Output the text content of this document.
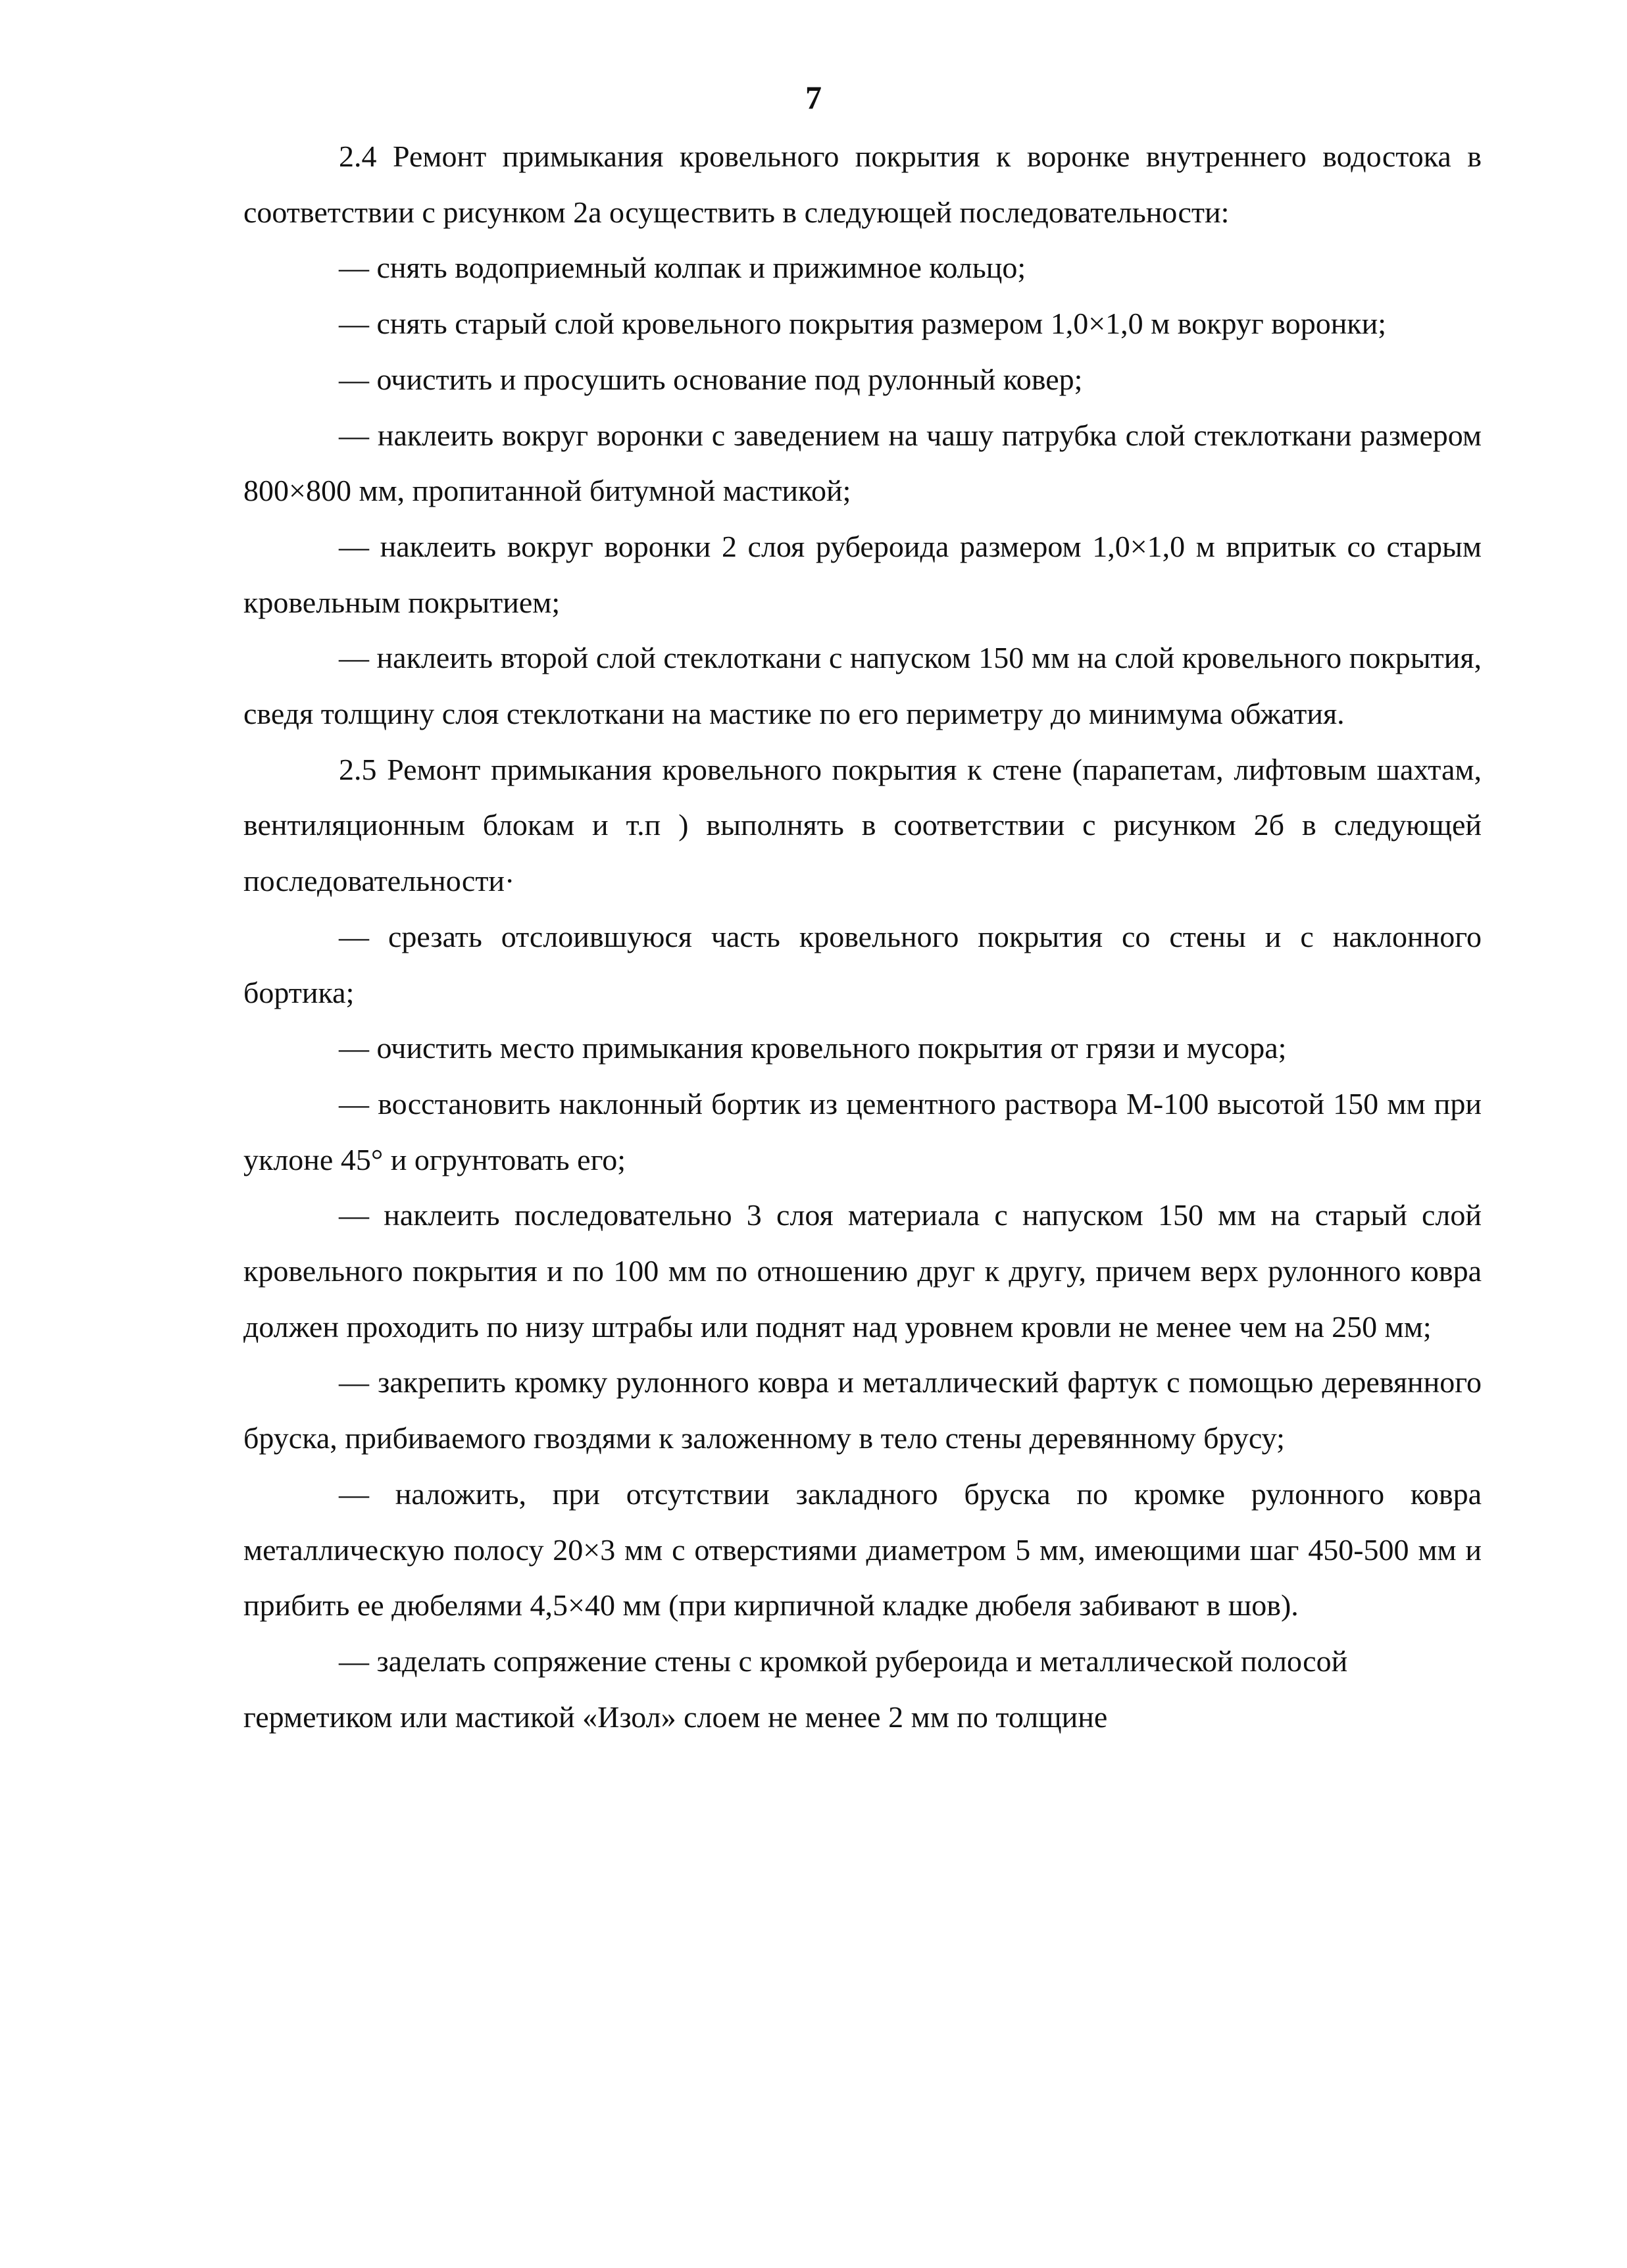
7

2.4 Ремонт примыкания кровельного покрытия к воронке внутреннего водостока в соответствии с рисунком 2а осуществить в следующей последовательности:

— снять водоприемный колпак и прижимное кольцо;

— снять старый слой кровельного покрытия размером 1,0×1,0 м вокруг воронки;

— очистить и просушить основание под рулонный ковер;

— наклеить вокруг воронки с заведением на чашу патрубка слой стеклоткани размером 800×800 мм, пропитанной битумной мастикой;

— наклеить вокруг воронки 2 слоя рубероида размером 1,0×1,0 м впритык со старым кровельным покрытием;

— наклеить второй слой стеклоткани с напуском 150 мм на слой кровельного покрытия, сведя толщину слоя стеклоткани на мастике по его периметру до минимума обжатия.

2.5 Ремонт примыкания кровельного покрытия к стене (парапетам, лифтовым шахтам, вентиляционным блокам и т.п ) выполнять в соответствии с рисунком 2б в следующей последовательности·

— срезать отслоившуюся часть кровельного покрытия со стены и с наклонного бортика;

— очистить место примыкания кровельного покрытия от грязи и мусора;

— восстановить наклонный бортик из цементного раствора М-100 высотой 150 мм при уклоне 45° и огрунтовать его;

— наклеить последовательно 3 слоя материала с напуском 150 мм на старый слой кровельного покрытия и по 100 мм по отношению друг к другу, причем верх рулонного ковра должен проходить по низу штрабы или поднят над уровнем кровли не менее чем на 250 мм;

— закрепить кромку рулонного ковра и металлический фартук с помощью деревянного бруска, прибиваемого гвоздями к заложенному в тело стены деревянному брусу;

— наложить, при отсутствии закладного бруска по кромке рулонного ковра металлическую полосу 20×3 мм с отверстиями диаметром 5 мм, имеющими шаг 450-500 мм и прибить ее дюбелями 4,5×40 мм (при кирпичной кладке дюбеля забивают в шов).

— заделать сопряжение стены с кромкой рубероида и металлической полосой герметиком или мастикой «Изол» слоем не менее 2 мм по толщине
